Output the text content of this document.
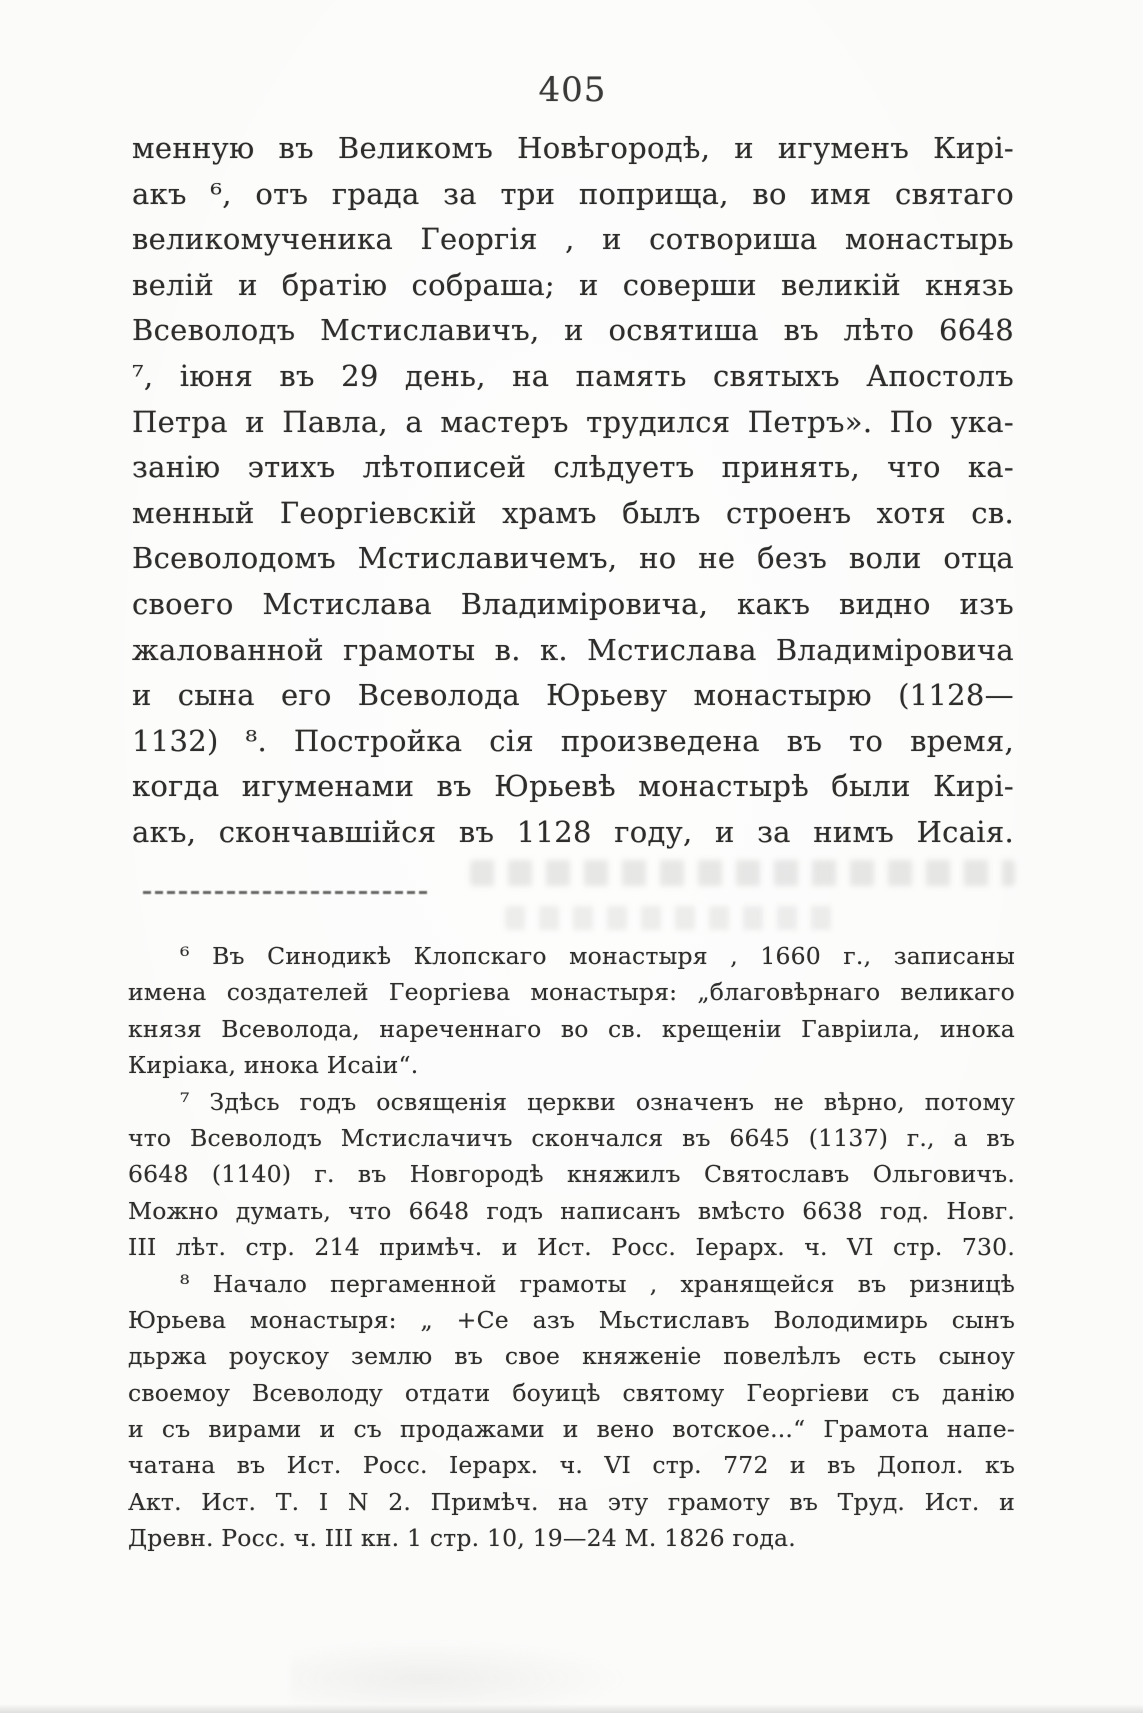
405
менную въ Великомъ Новѣгородѣ, и игуменъ Кирі-
акъ ⁶, отъ града за три поприща, во имя святаго
великомученика Георгія , и сотвориша монастырь
велій и братію собраша; и соверши великій князь
Всеволодъ Мстиславичъ, и освятиша въ лѣто 6648
⁷, іюня въ 29 день, на память святыхъ Апостолъ
Петра и Павла, а мастеръ трудился Петръ». По ука-
занію этихъ лѣтописей слѣдуетъ принять, что ка-
менный Георгіевскій храмъ былъ строенъ хотя св.
Всеволодомъ Мстиславичемъ, но не безъ воли отца
своего Мстислава Владиміровича, какъ видно изъ
жалованной грамоты в. к. Мстислава Владиміровича
и сына его Всеволода Юрьеву монастырю (1128—
1132) ⁸. Постройка сія произведена въ то время,
когда игуменами въ Юрьевѣ монастырѣ были Кирі-
акъ, скончавшійся въ 1128 году, и за нимъ Исаія.
⁶ Въ Синодикѣ Клопскаго монастыря , 1660 г., записаны
имена создателей Георгіева монастыря: „благовѣрнаго великаго
князя Всеволода, нареченнаго во св. крещеніи Гавріила, инока
Киріака, инока Исаіи“.
⁷ Здѣсь годъ освященія церкви означенъ не вѣрно, потому
что Всеволодъ Мстислачичъ скончался въ 6645 (1137) г., а въ
6648 (1140) г. въ Новгородѣ княжилъ Святославъ Ольговичъ.
Можно думать, что 6648 годъ написанъ вмѣсто 6638 год. Новг.
III лѣт. стр. 214 примѣч. и Ист. Росс. Іерарх. ч. VI стр. 730.
⁸ Начало пергаменной грамоты , хранящейся въ ризницѣ
Юрьева монастыря: „ +Се азъ Мьстиславъ Володимирь сынъ
дьржа роускоу землю въ свое княженіе повелѣлъ есть сыноу
своемоу Всеволоду отдати боуицѣ святому Георгіеви съ данію
и съ вирами и съ продажами и вено вотское...“ Грамота напе-
чатана въ Ист. Росс. Іерарх. ч. VI стр. 772 и въ Допол. къ
Акт. Ист. Т. I N 2. Примѣч. на эту грамоту въ Труд. Ист. и
Древн. Росс. ч. III кн. 1 стр. 10, 19—24 М. 1826 года.
